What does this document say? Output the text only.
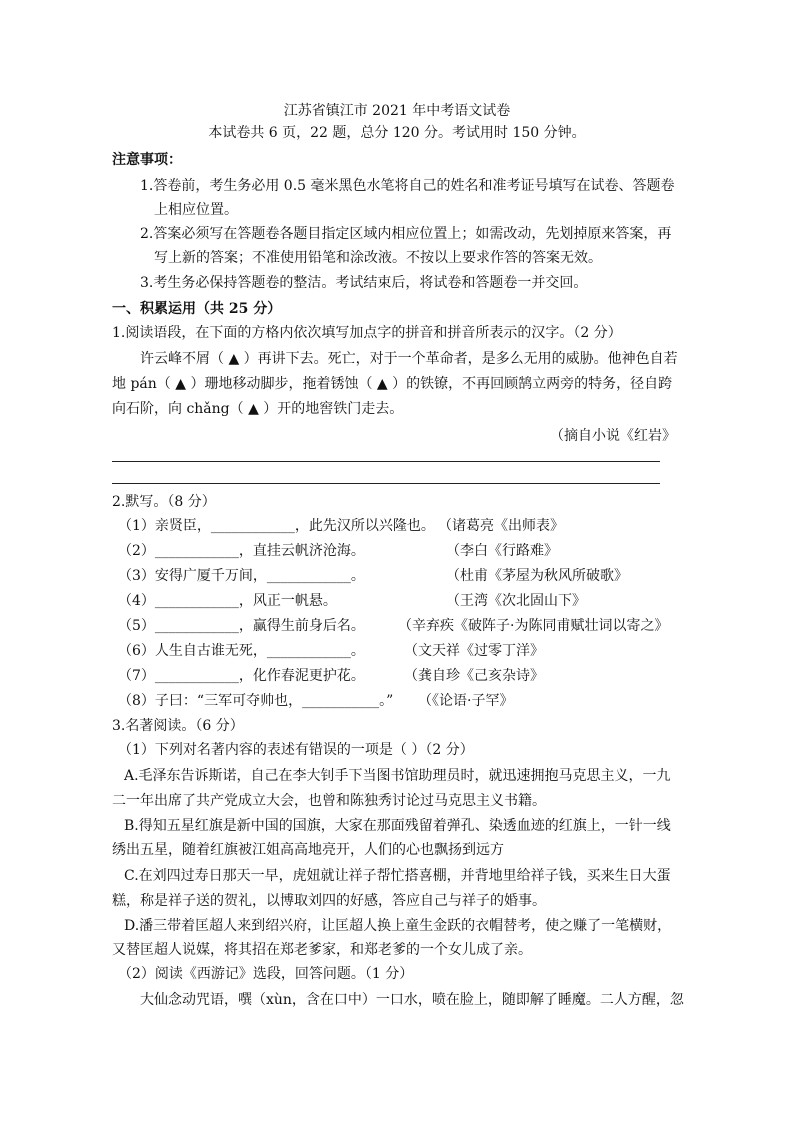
江苏省镇江市 2021 年中考语文试卷
本试卷共 6 页，22 题，总分 120 分。考试用时 150 分钟。
注意事项：
1.答卷前，考生务必用 0.5 毫米黑色水笔将自己的姓名和准考证号填写在试卷、答题卷
上相应位置。
2.答案必须写在答题卷各题目指定区域内相应位置上；如需改动，先划掉原来答案，再
写上新的答案；不准使用铅笔和涂改液。不按以上要求作答的答案无效。
3.考生务必保持答题卷的整洁。考试结束后，将试卷和答题卷一并交回。
一、积累运用（共 25 分）
1.阅读语段，在下面的方格内依次填写加点字的拼音和拼音所表示的汉字。（2 分）
许云峰不屑（ ▲ ）再讲下去。死亡，对于一个革命者，是多么无用的威胁。他神色自若
地 pán（ ▲ ）珊地移动脚步，拖着锈蚀（ ▲ ）的铁镣，不再回顾鹄立两旁的特务，径自跨
向石阶，向 chǎng（ ▲ ）开的地窖铁门走去。
（摘自小说《红岩》
2.默写。（8 分）
（1）亲贤臣，____________，此先汉所以兴隆也。 （诸葛亮《出师表》
（2）____________，直挂云帆济沧海。	（李白《行路难》
（3）安得广厦千万间，____________。	（杜甫《茅屋为秋风所破歌》
（4）____________，风正一帆悬。	（王湾《次北固山下》
（5）____________，赢得生前身后名。 （辛弃疾《破阵子·为陈同甫赋壮词以寄之》
（6）人生自古谁无死，____________。	（文天祥《过零丁洋》
（7）____________，化作春泥更护花。	（龚自珍《己亥杂诗》
（8）子曰：“三军可夺帅也，___________。” （《论语·子罕》
3.名著阅读。（6 分）
（1）下列对名著内容的表述有错误的一项是（ ）（2 分）
A.毛泽东告诉斯诺，自己在李大钊手下当图书馆助理员时，就迅速拥抱马克思主义，一九
二一年出席了共产党成立大会，也曾和陈独秀讨论过马克思主义书籍。
B.得知五星红旗是新中国的国旗，大家在那面残留着弹孔、染透血迹的红旗上，一针一线
绣出五星，随着红旗被江姐高高地亮开，人们的心也飘扬到远方
C.在刘四过寿日那天一早，虎妞就让祥子帮忙搭喜棚，并背地里给祥子钱，买来生日大蛋
糕，称是祥子送的贺礼，以博取刘四的好感，答应自己与祥子的婚事。
D.潘三带着匡超人来到绍兴府，让匡超人换上童生金跃的衣帽替考，使之赚了一笔横财，
又替匡超人说媒，将其招在郑老爹家，和郑老爹的一个女儿成了亲。
（2）阅读《西游记》选段，回答问题。（1 分）
大仙念动咒语，噀（xùn，含在口中）一口水，喷在脸上，随即解了睡魔。二人方醒，忽
